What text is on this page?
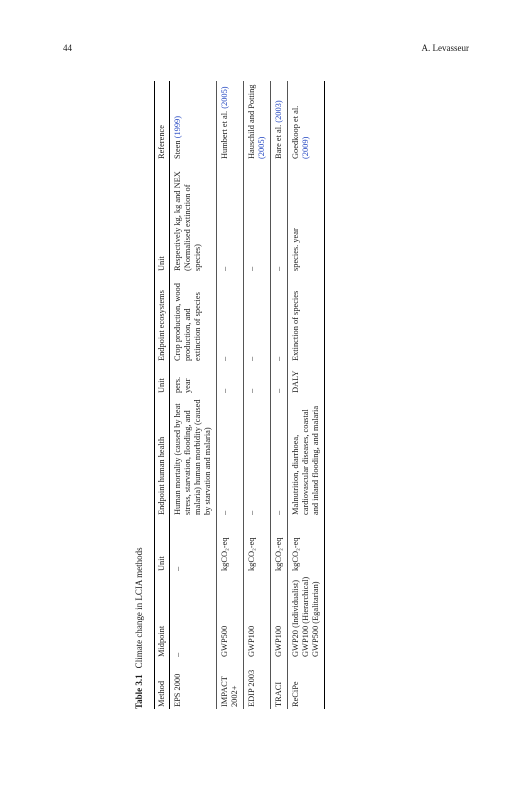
44	A. Levasseur
Table 3.1Climate change in LCIA methods
Method	Midpoint	Unit	Endpoint human health	Unit	Endpoint ecosystems	Unit	Reference
EPS 2000	–	–	Human mortality (caused by heat stress, starvation, flooding, and malaria) human morbidity (caused by starvation and malaria)	pers. year	Crop production, wood production, and extinction of species	Respectively kg, kg and NEX (Normalised extinction of species)	Steen (1999)
IMPACT 2002+	GWP500	kgCO₂-eq	–	–	–	–	Humbert et al. (2005)
EDIP 2003	GWP100	kgCO₂-eq	–	–	–	–	Hauschild and Potting (2005)
TRACI	GWP100	kgCO₂-eq	–	–	–	–	Bare et al. (2003)
ReCiPe	GWP20 (Individualist) GWP100 (Hierarchical) GWP500 (Egalitarian)	kgCO₂-eq	Malnutrition, diarrhoea, cardiovascular diseases, coastal and inland flooding, and malaria	DALY	Extinction of species	species. year	Goedkoop et al. (2009)
